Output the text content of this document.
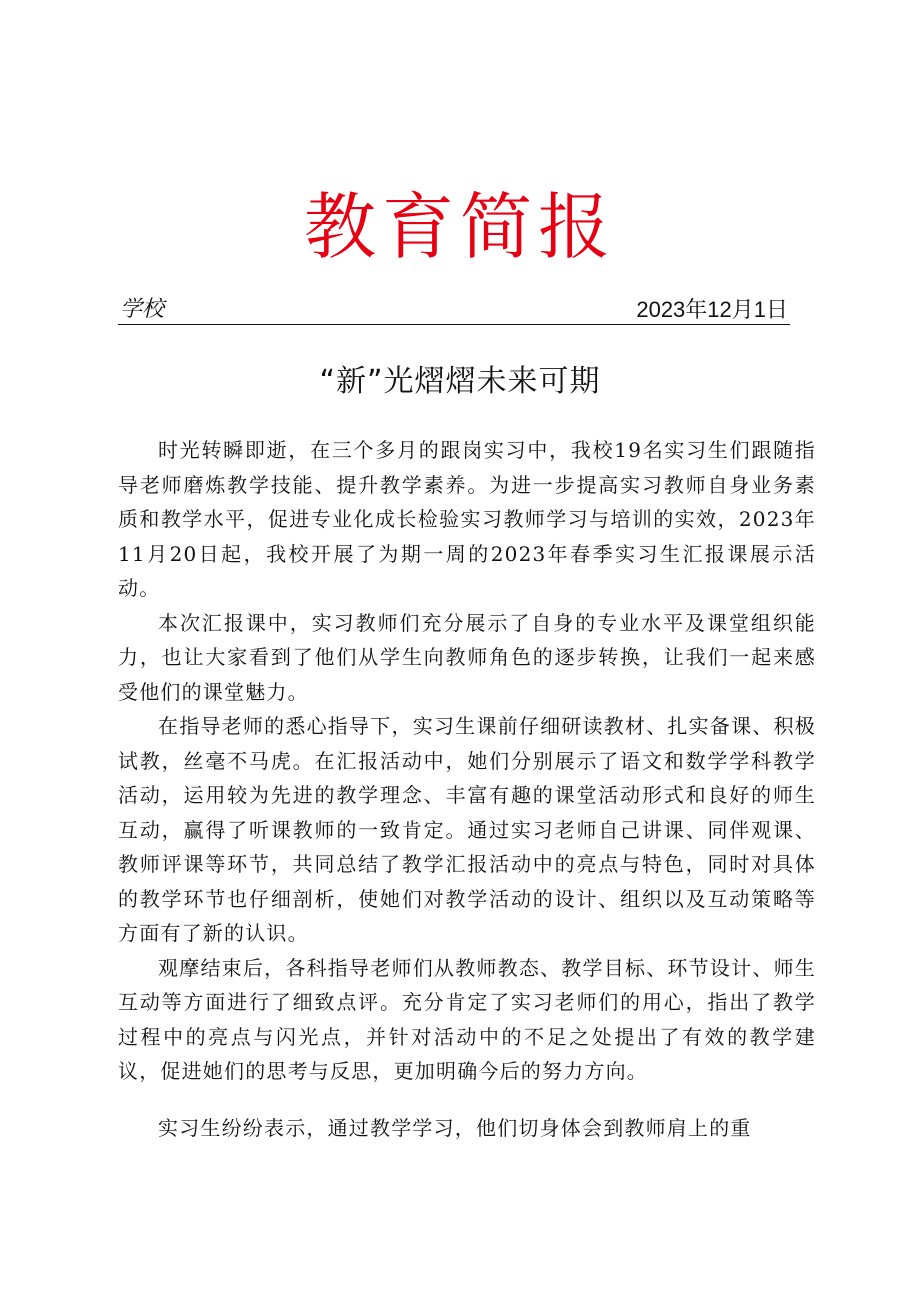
教育简报
学校	2023年12月1日
“新”光熠熠未来可期

时光转瞬即逝，在三个多月的跟岗实习中，我校19名实习生们跟随指导老师磨炼教学技能、提升教学素养。为进一步提高实习教师自身业务素质和教学水平，促进专业化成长检验实习教师学习与培训的实效，2023年11月20日起，我校开展了为期一周的2023年春季实习生汇报课展示活动。

本次汇报课中，实习教师们充分展示了自身的专业水平及课堂组织能力，也让大家看到了他们从学生向教师角色的逐步转换，让我们一起来感受他们的课堂魅力。

在指导老师的悉心指导下，实习生课前仔细研读教材、扎实备课、积极试教，丝毫不马虎。在汇报活动中，她们分别展示了语文和数学学科教学活动，运用较为先进的教学理念、丰富有趣的课堂活动形式和良好的师生互动，赢得了听课教师的一致肯定。通过实习老师自己讲课、同伴观课、教师评课等环节，共同总结了教学汇报活动中的亮点与特色，同时对具体的教学环节也仔细剖析，使她们对教学活动的设计、组织以及互动策略等方面有了新的认识。

观摩结束后，各科指导老师们从教师教态、教学目标、环节设计、师生互动等方面进行了细致点评。充分肯定了实习老师们的用心，指出了教学过程中的亮点与闪光点，并针对活动中的不足之处提出了有效的教学建议，促进她们的思考与反思，更加明确今后的努力方向。

实习生纷纷表示，通过教学学习，他们切身体会到教师肩上的重
